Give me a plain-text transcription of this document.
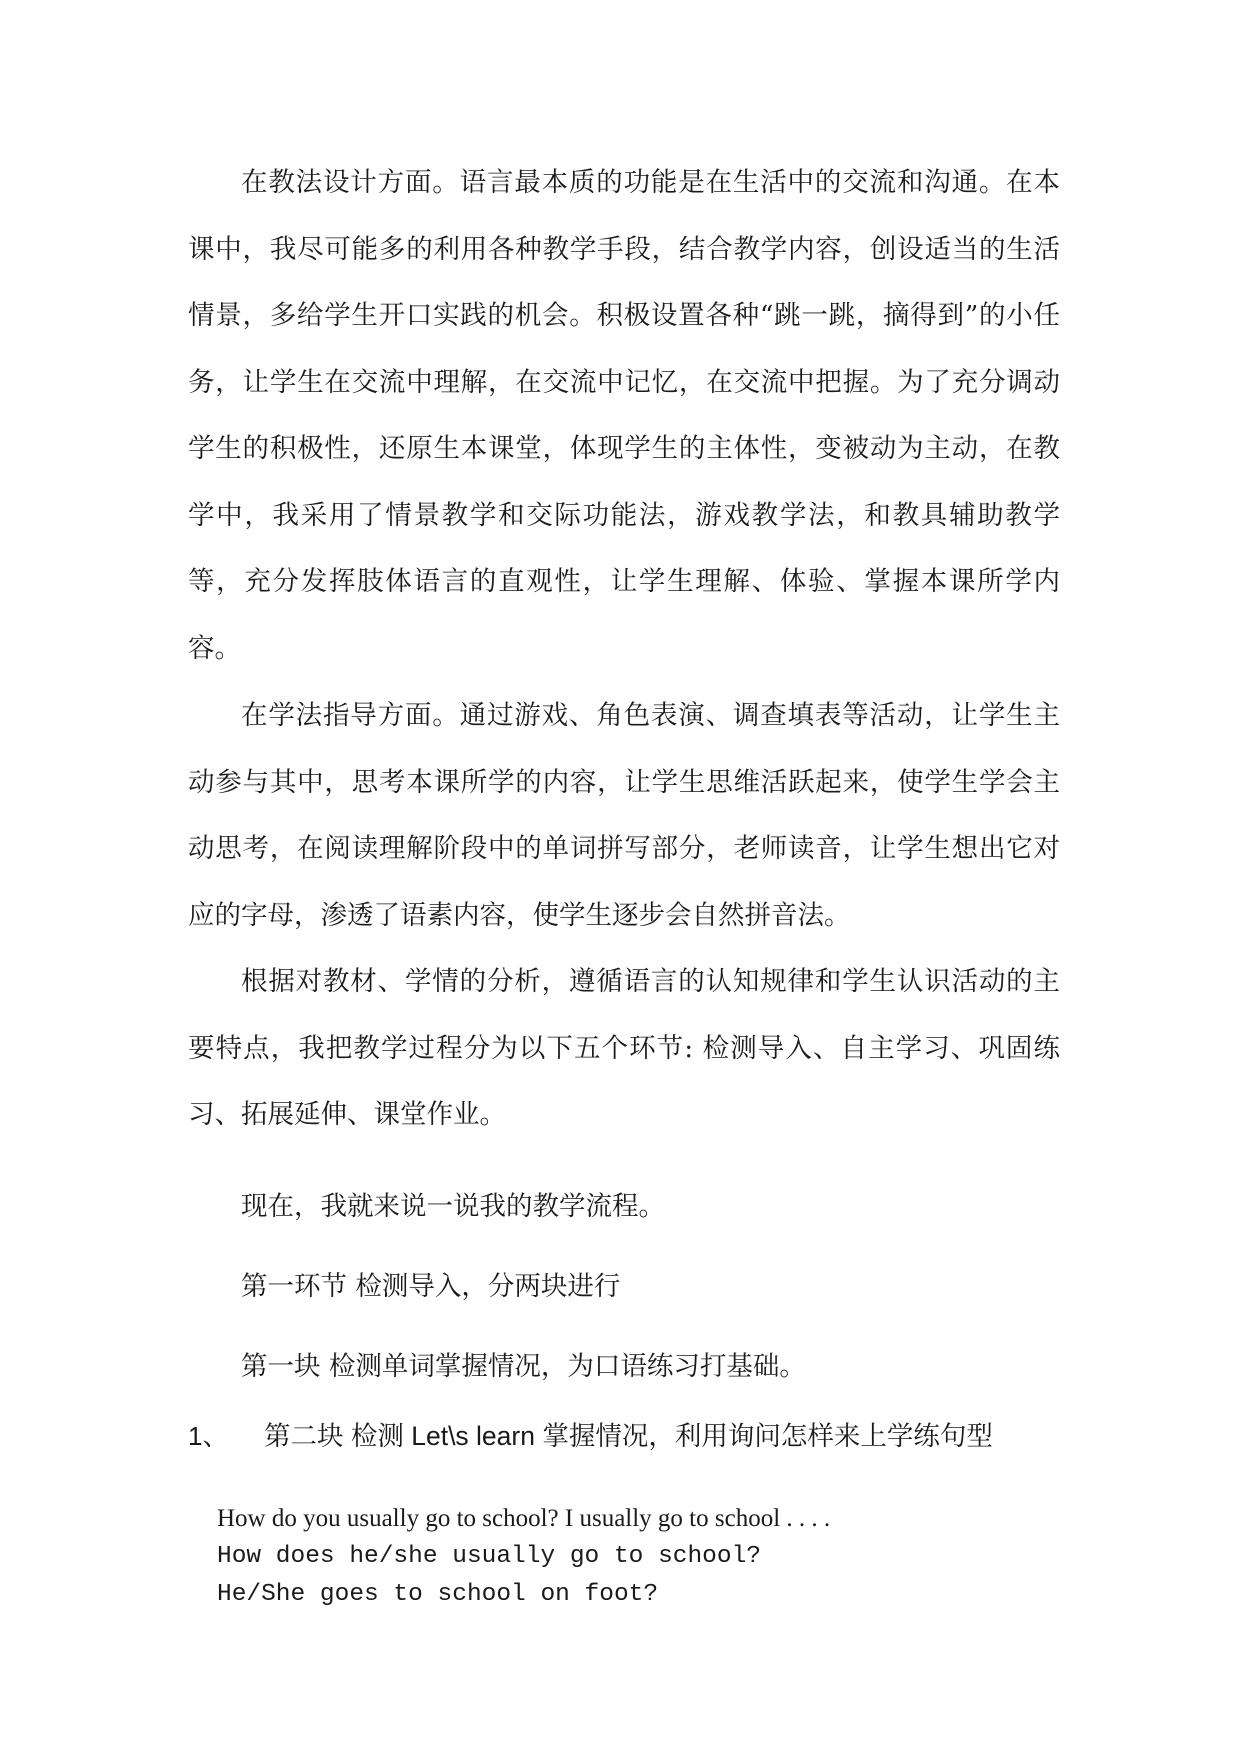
在教法设计方面。语言最本质的功能是在生活中的交流和沟通。在本课中，我尽可能多的利用各种教学手段，结合教学内容，创设适当的生活情景，多给学生开口实践的机会。积极设置各种“跳一跳，摘得到”的小任务，让学生在交流中理解，在交流中记忆，在交流中把握。为了充分调动学生的积极性，还原生本课堂，体现学生的主体性，变被动为主动，在教学中，我采用了情景教学和交际功能法，游戏教学法，和教具辅助教学等，充分发挥肢体语言的直观性，让学生理解、体验、掌握本课所学内容。

在学法指导方面。通过游戏、角色表演、调查填表等活动，让学生主动参与其中，思考本课所学的内容，让学生思维活跃起来，使学生学会主动思考，在阅读理解阶段中的单词拼写部分，老师读音，让学生想出它对应的字母，渗透了语素内容，使学生逐步会自然拼音法。

根据对教材、学情的分析，遵循语言的认知规律和学生认识活动的主要特点，我把教学过程分为以下五个环节: 检测导入、自主学习、巩固练习、拓展延伸、课堂作业。

现在，我就来说一说我的教学流程。

第一环节 检测导入，分两块进行

第一块 检测单词掌握情况，为口语练习打基础。

1、 第二块 检测 Let\s learn 掌握情况，利用询问怎样来上学练句型

How do you usually go to school? I usually go to school . . . .

How does he/she usually go to school?

He/She goes to school on foot?
